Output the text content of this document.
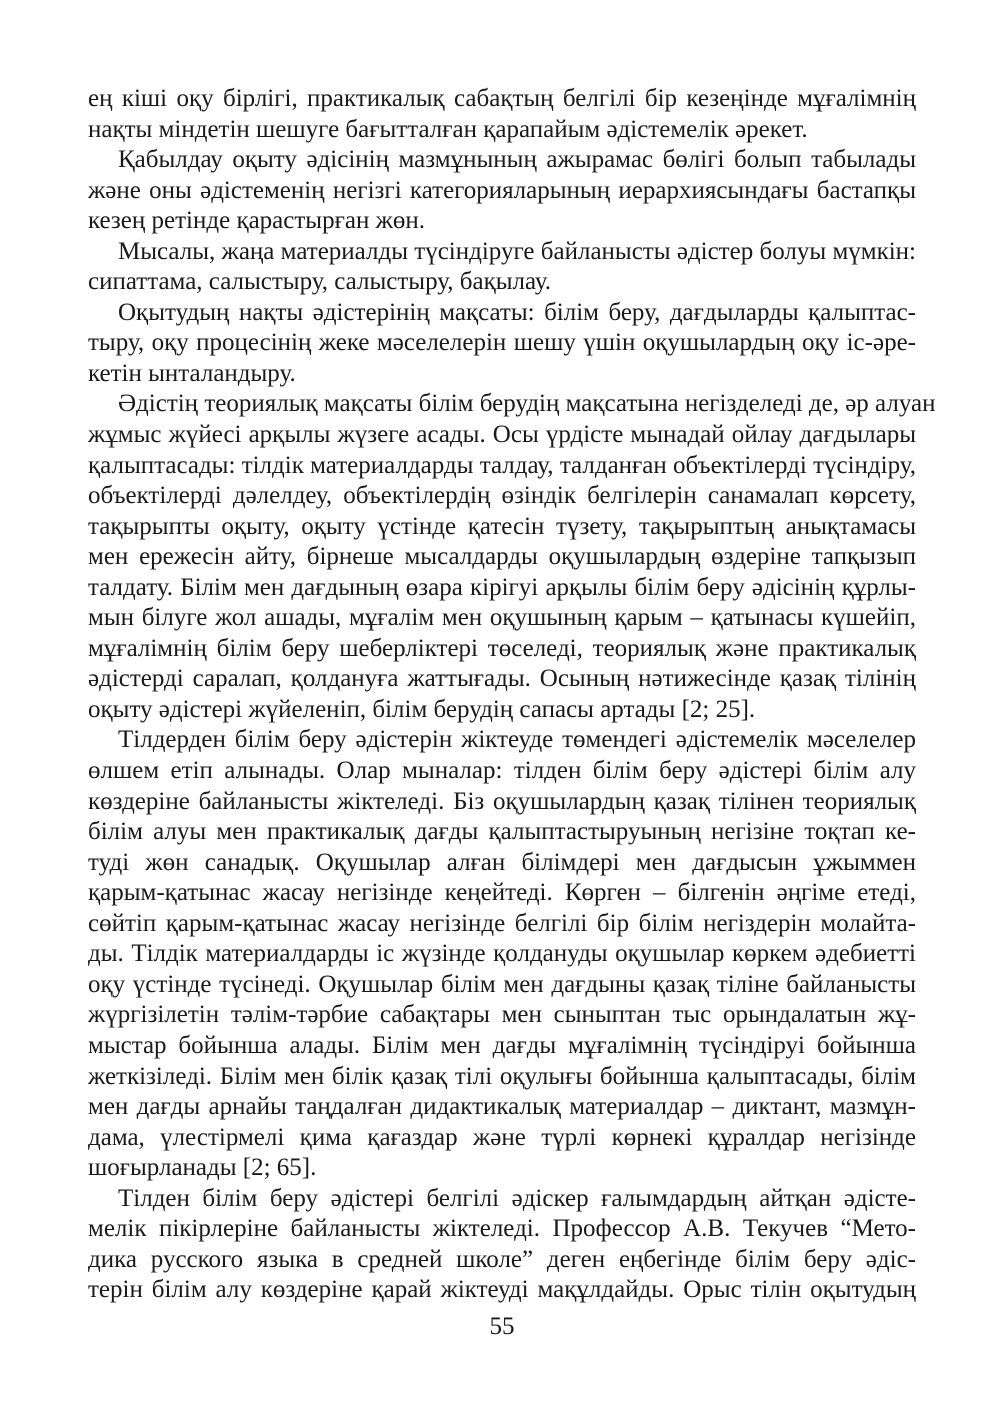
ең кіші оқу бірлігі, практикалық сабақтың белгілі бір кезеңінде мұғалімнің
нақты міндетін шешуге бағытталған қарапайым әдістемелік әрекет.
Қабылдау оқыту әдісінің мазмұнының ажырамас бөлігі болып табылады
және оны әдістеменің негізгі категорияларының иерархиясындағы бастапқы
кезең ретінде қарастырған жөн.
Мысалы, жаңа материалды түсіндіруге байланысты әдістер болуы мүмкін:
сипаттама, салыстыру, салыстыру, бақылау.
Оқытудың нақты әдістерінің мақсаты: білім беру, дағдыларды қалыптас-
тыру, оқу процесінің жеке мәселелерін шешу үшін оқушылардың оқу іс-әре-
кетін ынталандыру.
Әдістің теориялық мақсаты білім берудің мақсатына негізделеді де, әр алуан
жұмыс жүйесі арқылы жүзеге асады. Осы үрдісте мынадай ойлау дағдылары
қалыптасады: тілдік материалдарды талдау, талданған объектілерді түсіндіру,
объектілерді дәлелдеу, объектілердің өзіндік белгілерін санамалап көрсету,
тақырыпты оқыту, оқыту үстінде қатесін түзету, тақырыптың анықтамасы
мен ережесін айту, бірнеше мысалдарды оқушылардың өздеріне тапқызып
талдату. Білім мен дағдының өзара кірігуі арқылы білім беру әдісінің құрлы-
мын білуге жол ашады, мұғалім мен оқушының қарым – қатынасы күшейіп,
мұғалімнің білім беру шеберліктері төселеді, теориялық және практикалық
әдістерді саралап, қолдануға жаттығады. Осының нәтижесінде қазақ тілінің
оқыту әдістері жүйеленіп, білім берудің сапасы артады [2; 25].
Тілдерден білім беру әдістерін жіктеуде төмендегі әдістемелік мәселелер
өлшем етіп алынады. Олар мыналар: тілден білім беру әдістері білім алу
көздеріне байланысты жіктеледі. Біз оқушылардың қазақ тілінен теориялық
білім алуы мен практикалық дағды қалыптастыруының негізіне тоқтап ке-
туді жөн санадық. Оқушылар алған білімдері мен дағдысын ұжыммен
қарым-қатынас жасау негізінде кеңейтеді. Көрген – білгенін әңгіме етеді,
сөйтіп қарым-қатынас жасау негізінде белгілі бір білім негіздерін молайта-
ды. Тілдік материалдарды іс жүзінде қолдануды оқушылар көркем әдебиетті
оқу үстінде түсінеді. Оқушылар білім мен дағдыны қазақ тіліне байланысты
жүргізілетін тәлім-тәрбие сабақтары мен сыныптан тыс орындалатын жұ-
мыстар бойынша алады. Білім мен дағды мұғалімнің түсіндіруі бойынша
жеткізіледі. Білім мен білік қазақ тілі оқулығы бойынша қалыптасады, білім
мен дағды арнайы таңдалған дидактикалық материалдар – диктант, мазмұн-
дама, үлестірмелі қима қағаздар және түрлі көрнекі құралдар негізінде
шоғырланады [2; 65].
Тілден білім беру әдістері белгілі әдіскер ғалымдардың айтқан әдісте-
мелік пікірлеріне байланысты жіктеледі. Профессор А.В. Текучев “Мето-
дика русского языка в средней школе” деген еңбегінде білім беру әдіс-
терін білім алу көздеріне қарай жіктеуді мақұлдайды. Орыс тілін оқытудың
55
